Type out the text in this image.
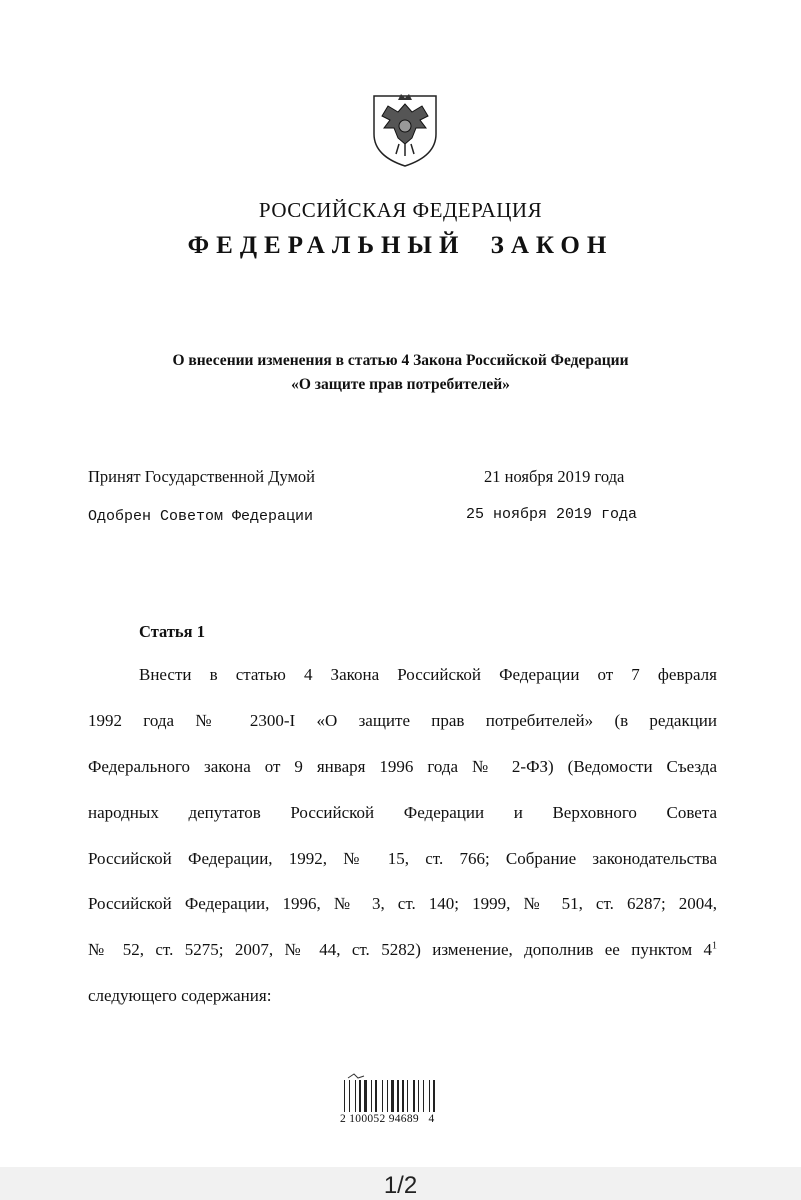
РОССИЙСКАЯ ФЕДЕРАЦИЯ
ФЕДЕРАЛЬНЫЙ ЗАКОН
О внесении изменения в статью 4 Закона Российской Федерации
«О защите прав потребителей»
Принят Государственной Думой	21 ноября 2019 года
Одобрен Советом Федерации	25 ноября 2019 года
Статья 1
Внести в статью 4 Закона Российской Федерации от 7 февраля
1992 года № 2300-I «О защите прав потребителей» (в редакции
Федерального закона от 9 января 1996 года № 2-ФЗ) (Ведомости Съезда
народных депутатов Российской Федерации и Верховного Совета
Российской Федерации, 1992, № 15, ст. 766; Собрание законодательства
Российской Федерации, 1996, № 3, ст. 140; 1999, № 51, ст. 6287; 2004,
№ 52, ст. 5275; 2007, № 44, ст. 5282) изменение, дополнив ее пунктом $4^1$
следующего содержания:
2 100052 94689   4
1/2
